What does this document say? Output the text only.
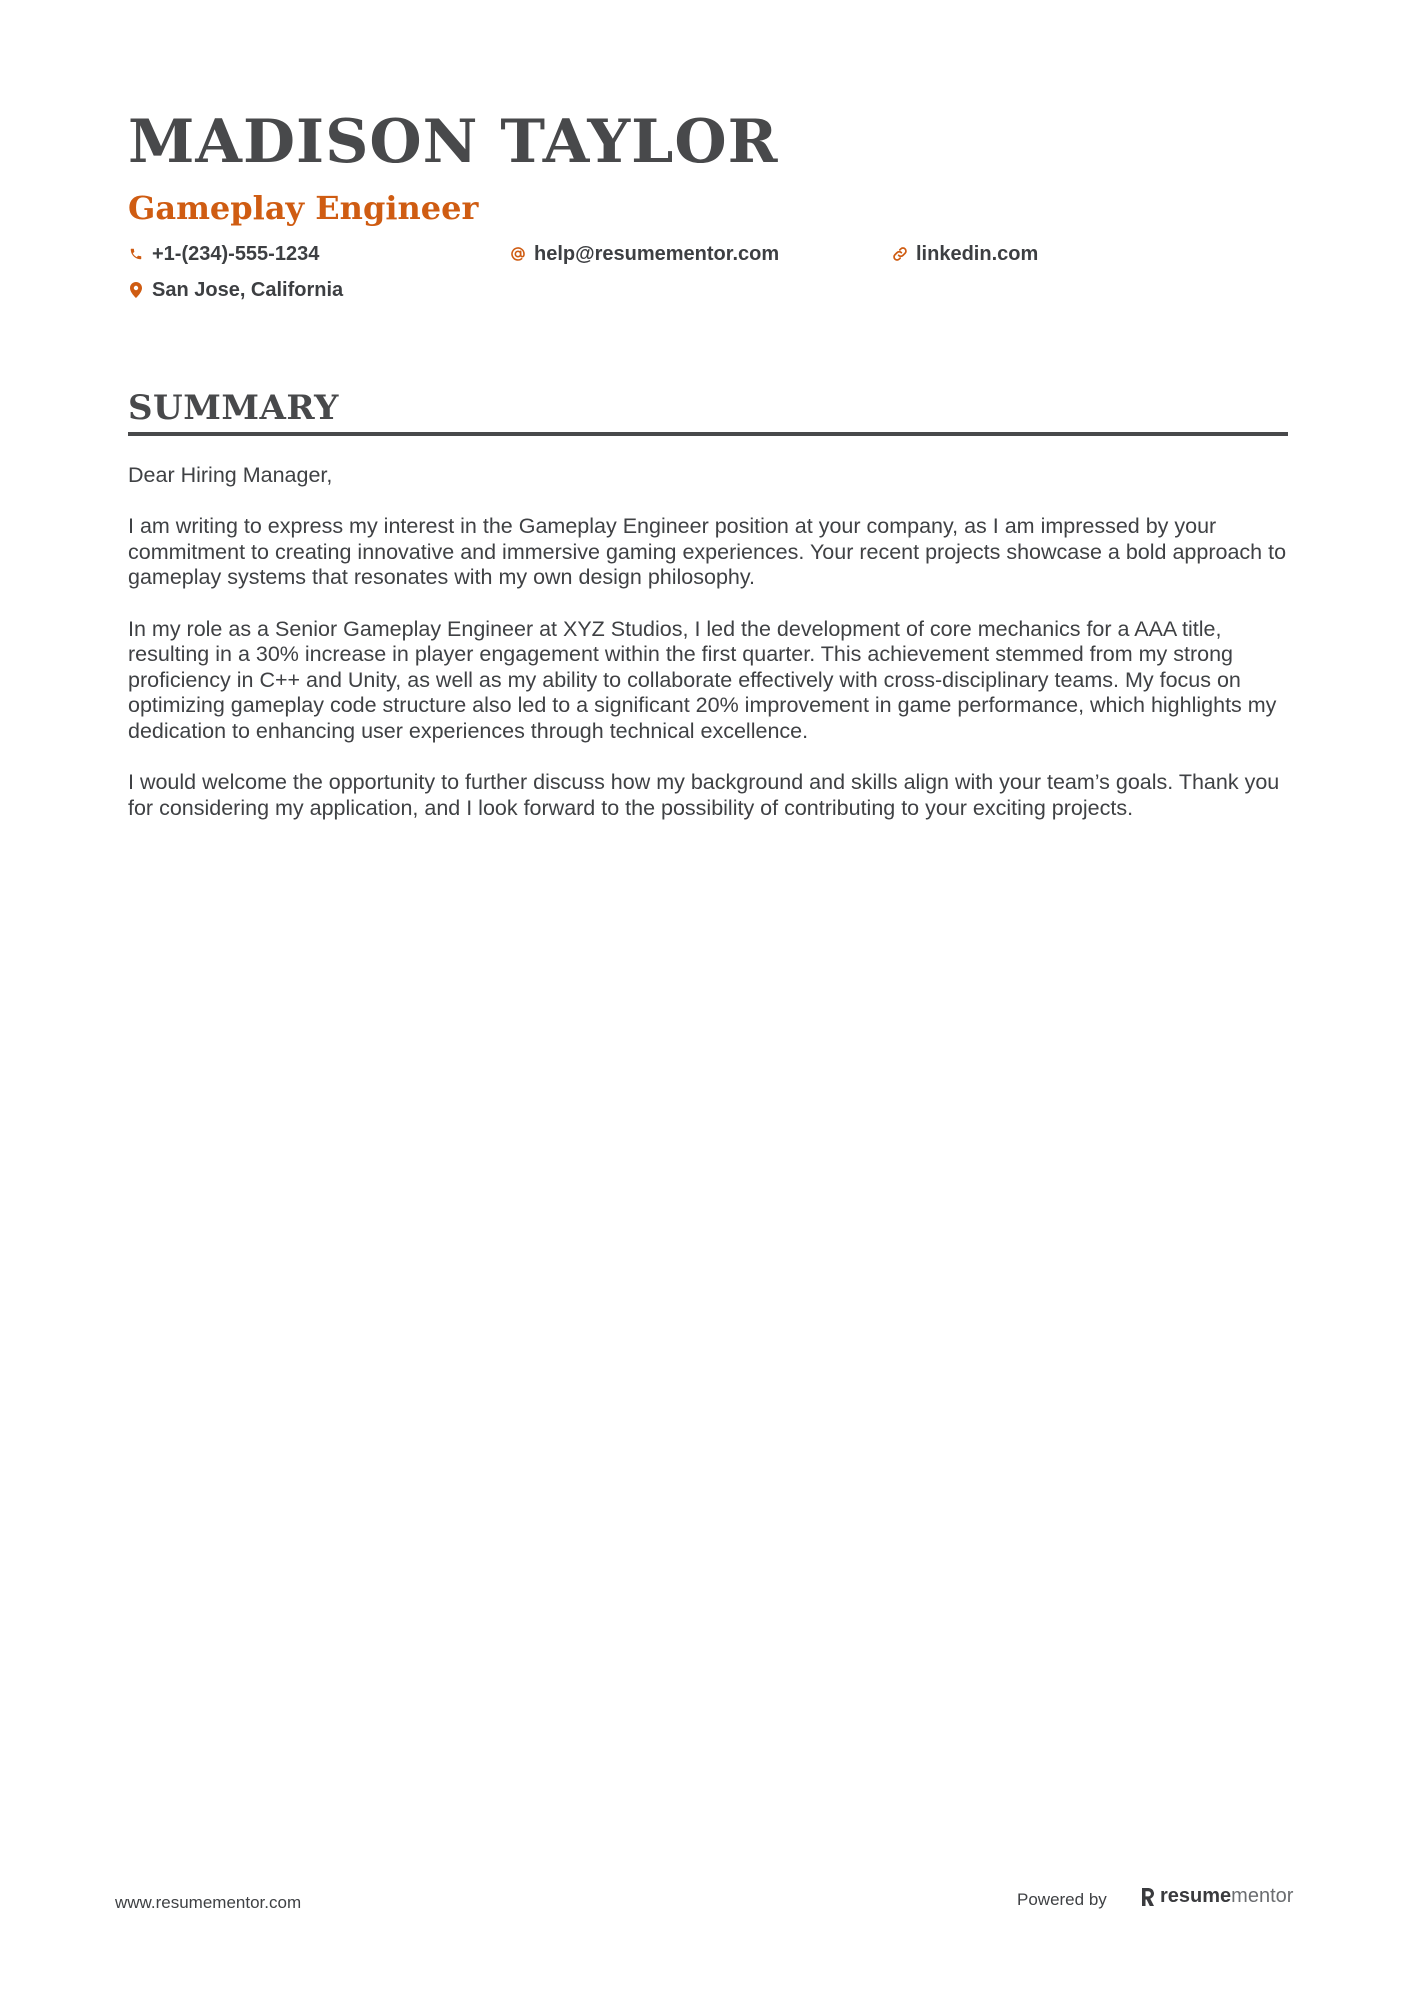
MADISON TAYLOR
Gameplay Engineer
+1-(234)-555-1234	help@resumementor.com	linkedin.com
San Jose, California
SUMMARY

Dear Hiring Manager,

I am writing to express my interest in the Gameplay Engineer position at your company, as I am impressed by your commitment to creating innovative and immersive gaming experiences. Your recent projects showcase a bold approach to gameplay systems that resonates with my own design philosophy.

In my role as a Senior Gameplay Engineer at XYZ Studios, I led the development of core mechanics for a AAA title, resulting in a 30% increase in player engagement within the first quarter. This achievement stemmed from my strong proficiency in C++ and Unity, as well as my ability to collaborate effectively with cross-disciplinary teams. My focus on optimizing gameplay code structure also led to a significant 20% improvement in game performance, which highlights my dedication to enhancing user experiences through technical excellence.

I would welcome the opportunity to further discuss how my background and skills align with your team’s goals. Thank you for considering my application, and I look forward to the possibility of contributing to your exciting projects.

www.resumementor.com	Powered by	resume mentor
